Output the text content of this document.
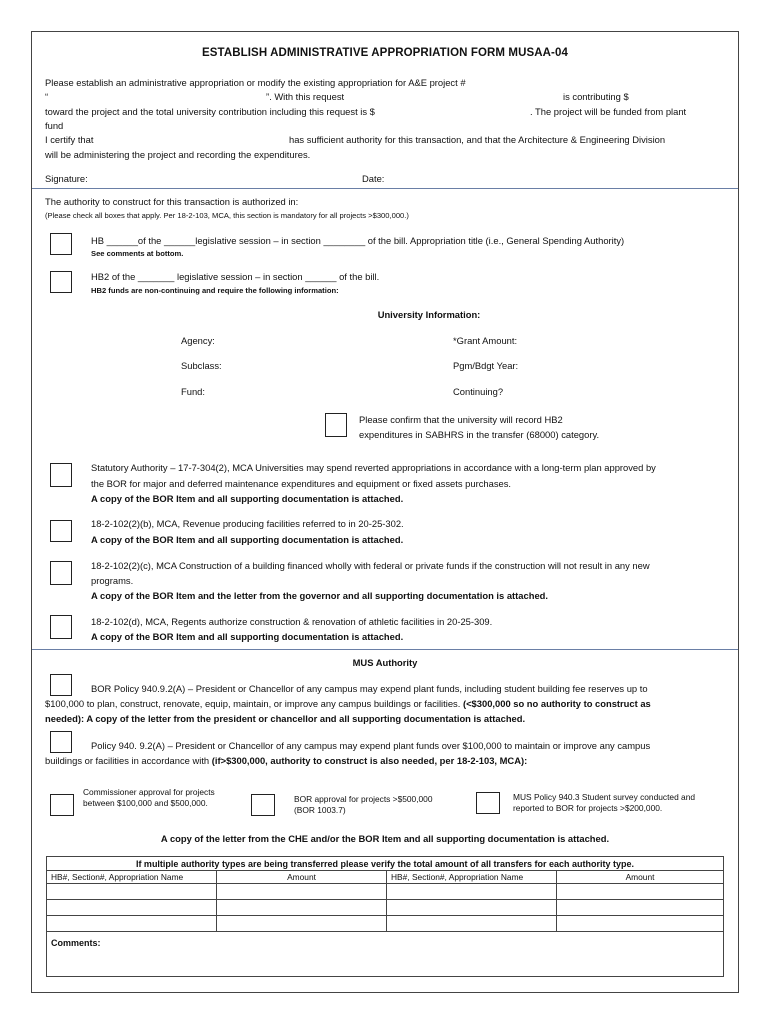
ESTABLISH ADMINISTRATIVE APPROPRIATION FORM MUSAA-04
Please establish an administrative appropriation or modify the existing appropriation for A&E project #
“	”. With this request	is contributing $
toward the project and the total university contribution including this request is $	. The project will be funded from plant
fund
I certify that	has sufficient authority for this transaction, and that the Architecture & Engineering Division
will be administering the project and recording the expenditures.
Signature:	Date:
The authority to construct for this transaction is authorized in:
(Please check all boxes that apply. Per 18-2-103, MCA, this section is mandatory for all projects >$300,000.)
HB ______of the ______legislative session – in section ________ of the bill. Appropriation title (i.e., General Spending Authority)
See comments at bottom.
HB2 of the _______ legislative session – in section ______ of the bill.
HB2 funds are non-continuing and require the following information:
University Information:
Agency:	*Grant Amount:
Subclass:	Pgm/Bdgt Year:
Fund:	Continuing?
Please confirm that the university will record HB2
expenditures in SABHRS in the transfer (68000) category.
Statutory Authority – 17-7-304(2), MCA Universities may spend reverted appropriations in accordance with a long-term plan approved by
the BOR for major and deferred maintenance expenditures and equipment or fixed assets purchases.
A copy of the BOR Item and all supporting documentation is attached.
18-2-102(2)(b), MCA, Revenue producing facilities referred to in 20-25-302.
A copy of the BOR Item and all supporting documentation is attached.
18-2-102(2)(c), MCA Construction of a building financed wholly with federal or private funds if the construction will not result in any new
programs.
A copy of the BOR Item and the letter from the governor and all supporting documentation is attached.
18-2-102(d), MCA, Regents authorize construction & renovation of athletic facilities in 20-25-309.
A copy of the BOR Item and all supporting documentation is attached.
MUS Authority
BOR Policy 940.9.2(A) – President or Chancellor of any campus may expend plant funds, including student building fee reserves up to
$100,000 to plan, construct, renovate, equip, maintain, or improve any campus buildings or facilities. (<$300,000 so no authority to construct as
needed): A copy of the letter from the president or chancellor and all supporting documentation is attached.
Policy 940. 9.2(A) – President or Chancellor of any campus may expend plant funds over $100,000 to maintain or improve any campus
buildings or facilities in accordance with (if>$300,000, authority to construct is also needed, per 18-2-103, MCA):
Commissioner approval for projects between $100,000 and $500,000.	BOR approval for projects >$500,000 (BOR 1003.7)
MUS Policy 940.3 Student survey conducted and reported to BOR for projects >$200,000.
A copy of the letter from the CHE and/or the BOR Item and all supporting documentation is attached.
If multiple authority types are being transferred please verify the total amount of all transfers for each authority type.			
HB#, Section#, Appropriation Name	Amount	HB#, Section#, Appropriation Name	Amount

Comments:			
